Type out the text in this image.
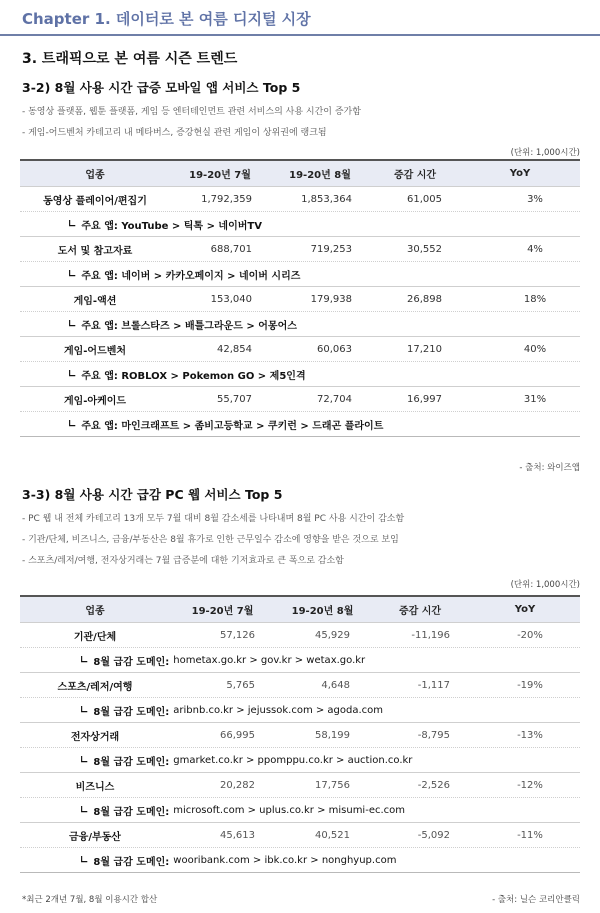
Chapter 1. 데이터로 본 여름 디지털 시장
3. 트래픽으로 본 여름 시즌 트렌드
3-2) 8월 사용 시간 급증 모바일 앱 서비스 Top 5
- 동영상 플랫폼, 웹툰 플랫폼, 게임 등 엔터테인먼트 관련 서비스의 사용 시간이 증가함
- 게임-어드벤처 카테고리 내 메타버스, 증강현실 관련 게임이 상위권에 랭크됨
(단위: 1,000시간)
업종	19-20년 7월	19-20년 8월	증감 시간	YoY
동영상 플레이어/편집기	1,792,359	1,853,364	61,005	3%
∟ 주요 앱: YouTube > 틱톡 > 네이버TV
도서 및 참고자료	688,701	719,253	30,552	4%
∟ 주요 앱: 네이버 > 카카오페이지 > 네이버 시리즈
게임-액션	153,040	179,938	26,898	18%
∟ 주요 앱: 브롤스타즈 > 배틀그라운드 > 어몽어스
게임-어드벤처	42,854	60,063	17,210	40%
∟ 주요 앱: ROBLOX > Pokemon GO > 제5인격
게임-아케이드	55,707	72,704	16,997	31%
∟ 주요 앱: 마인크래프트 > 좀비고등학교 > 쿠키런 > 드래곤 플라이트
- 출처: 와이즈앱
3-3) 8월 사용 시간 급감 PC 웹 서비스 Top 5
- PC 웹 내 전체 카테고리 13개 모두 7월 대비 8월 감소세를 나타내며 8월 PC 사용 시간이 감소함
- 기관/단체, 비즈니스, 금융/부동산은 8월 휴가로 인한 근무일수 감소에 영향을 받은 것으로 보임
- 스포츠/레저/여행, 전자상거래는 7월 급증분에 대한 기저효과로 큰 폭으로 감소함
(단위: 1,000시간)
업종	19-20년 7월	19-20년 8월	증감 시간	YoY
기관/단체	57,126	45,929	-11,196	-20%
∟ 8월 급감 도메인: hometax.go.kr > gov.kr > wetax.go.kr
스포츠/레저/여행	5,765	4,648	-1,117	-19%
∟ 8월 급감 도메인: aribnb.co.kr > jejussok.com > agoda.com
전자상거래	66,995	58,199	-8,795	-13%
∟ 8월 급감 도메인: gmarket.co.kr > ppomppu.co.kr > auction.co.kr
비즈니스	20,282	17,756	-2,526	-12%
∟ 8월 급감 도메인: microsoft.com > uplus.co.kr > misumi-ec.com
금융/부동산	45,613	40,521	-5,092	-11%
∟ 8월 급감 도메인: wooribank.com > ibk.co.kr > nonghyup.com
*최근 2개년 7월, 8월 이용시간 합산	- 출처: 닐슨 코리안클릭
